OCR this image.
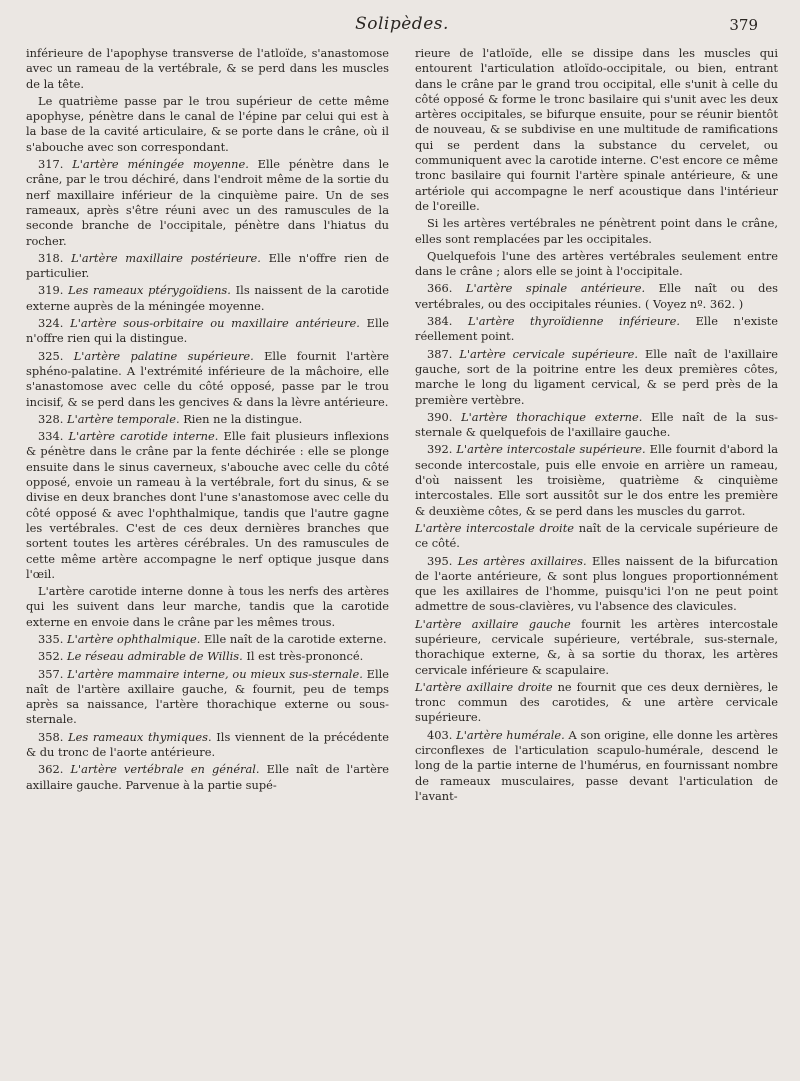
Solipèdes.	379

inférieure de l'apophyse transverse de l'atloïde, s'anastomose avec un rameau de la vertébrale, & se perd dans les muscles de la tête.

Le quatrième passe par le trou supérieur de cette même apophyse, pénètre dans le canal de l'épine par celui qui est à la base de la cavité articulaire, & se porte dans le crâne, où il s'abouche avec son correspondant.

317. L'artère méningée moyenne. Elle pénètre dans le crâne, par le trou déchiré, dans l'endroit même de la sortie du nerf maxillaire inférieur de la cinquième paire. Un de ses rameaux, après s'être réuni avec un des ramuscules de la seconde branche de l'occipitale, pénètre dans l'hiatus du rocher.

318. L'artère maxillaire postérieure. Elle n'offre rien de particulier.

319. Les rameaux ptérygoïdiens. Ils naissent de la carotide externe auprès de la méningée moyenne.

324. L'artère sous-orbitaire ou maxillaire antérieure. Elle n'offre rien qui la distingue.

325. L'artère palatine supérieure. Elle fournit l'artère sphéno-palatine. A l'extrémité inférieure de la mâchoire, elle s'anastomose avec celle du côté opposé, passe par le trou incisif, & se perd dans les gencives & dans la lèvre antérieure.

328. L'artère temporale. Rien ne la distingue.

334. L'artère carotide interne. Elle fait plusieurs inflexions & pénètre dans le crâne par la fente déchirée : elle se plonge ensuite dans le sinus caverneux, s'abouche avec celle du côté opposé, envoie un rameau à la vertébrale, fort du sinus, & se divise en deux branches dont l'une s'anastomose avec celle du côté opposé & avec l'ophthalmique, tandis que l'autre gagne les vertébrales. C'est de ces deux dernières branches que sortent toutes les artères cérébrales. Un des ramuscules de cette même artère accompagne le nerf optique jusque dans l'œil.

L'artère carotide interne donne à tous les nerfs des artères qui les suivent dans leur marche, tandis que la carotide externe en envoie dans le crâne par les mêmes trous.

335. L'artère ophthalmique. Elle naît de la carotide externe.

352. Le réseau admirable de Willis. Il est très-prononcé.

357. L'artère mammaire interne, ou mieux sus-sternale. Elle naît de l'artère axillaire gauche, & fournit, peu de temps après sa naissance, l'artère thorachique externe ou sous-sternale.

358. Les rameaux thymiques. Ils viennent de la précédente & du tronc de l'aorte antérieure.

362. L'artère vertébrale en général. Elle naît de l'artère axillaire gauche. Parvenue à la partie supé-

rieure de l'atloïde, elle se dissipe dans les muscles qui entourent l'articulation atloïdo-occipitale, ou bien, entrant dans le crâne par le grand trou occipital, elle s'unit à celle du côté opposé & forme le tronc basilaire qui s'unit avec les deux artères occipitales, se bifurque ensuite, pour se réunir bientôt de nouveau, & se subdivise en une multitude de ramifications qui se perdent dans la substance du cervelet, ou communiquent avec la carotide interne. C'est encore ce même tronc basilaire qui fournit l'artère spinale antérieure, & une artériole qui accompagne le nerf acoustique dans l'intérieur de l'oreille.

Si les artères vertébrales ne pénètrent point dans le crâne, elles sont remplacées par les occipitales.

Quelquefois l'une des artères vertébrales seulement entre dans le crâne ; alors elle se joint à l'occipitale.

366. L'artère spinale antérieure. Elle naît ou des vertébrales, ou des occipitales réunies. ( Voyez nº. 362. )

384. L'artère thyroïdienne inférieure. Elle n'existe réellement point.

387. L'artère cervicale supérieure. Elle naît de l'axillaire gauche, sort de la poitrine entre les deux premières côtes, marche le long du ligament cervical, & se perd près de la première vertèbre.

390. L'artère thorachique externe. Elle naît de la sus-sternale & quelquefois de l'axillaire gauche.

392. L'artère intercostale supérieure. Elle fournit d'abord la seconde intercostale, puis elle envoie en arrière un rameau, d'où naissent les troisième, quatrième & cinquième intercostales. Elle sort aussitôt sur le dos entre les première & deuxième côtes, & se perd dans les muscles du garrot.

L'artère intercostale droite naît de la cervicale supérieure de ce côté.

395. Les artères axillaires. Elles naissent de la bifurcation de l'aorte antérieure, & sont plus longues proportionnément que les axillaires de l'homme, puisqu'ici l'on ne peut point admettre de sous-clavières, vu l'absence des clavicules.

L'artère axillaire gauche fournit les artères intercostale supérieure, cervicale supérieure, vertébrale, sus-sternale, thorachique externe, &, à sa sortie du thorax, les artères cervicale inférieure & scapulaire.

L'artère axillaire droite ne fournit que ces deux dernières, le tronc commun des carotides, & une artère cervicale supérieure.

403. L'artère humérale. A son origine, elle donne les artères circonflexes de l'articulation scapulo-humérale, descend le long de la partie interne de l'humérus, en fournissant nombre de rameaux musculaires, passe devant l'articulation de l'avant-
